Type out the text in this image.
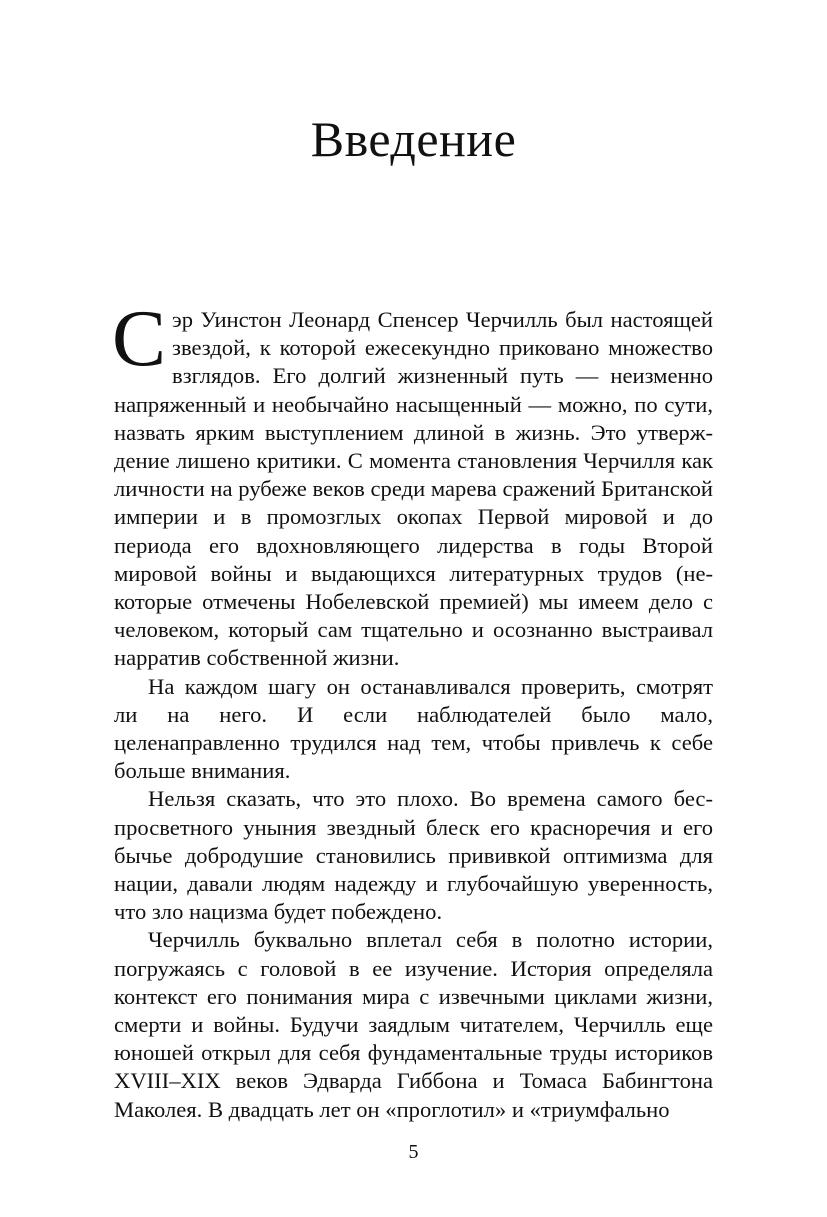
Введение

Сэр Уинстон Леонард Спенсер Черчилль был настоящей звездой, к которой ежесекундно приковано множество взглядов. Его долгий жизненный путь — неизменно напряженный и необычайно насыщенный — можно, по сути, назвать ярким выступлением длиной в жизнь. Это утверждение лишено критики. С момента становления Черчилля как личности на рубеже веков среди марева сражений Британской империи и в промозглых окопах Первой мировой и до периода его вдохновляющего лидерства в годы Второй мировой войны и выдающихся литературных трудов (некоторые отмечены Нобелевской премией) мы имеем дело с человеком, который сам тщательно и осознанно выстраивал нарратив собственной жизни.

На каждом шагу он останавливался проверить, смотрят ли на него. И если наблюдателей было мало, целенаправленно трудился над тем, чтобы привлечь к себе больше внимания.

Нельзя сказать, что это плохо. Во времена самого беспросветного уныния звездный блеск его красноречия и его бычье добродушие становились прививкой оптимизма для нации, давали людям надежду и глубочайшую уверенность, что зло нацизма будет побеждено.

Черчилль буквально вплетал себя в полотно истории, погружаясь с головой в ее изучение. История определяла контекст его понимания мира с извечными циклами жизни, смерти и войны. Будучи заядлым читателем, Черчилль еще юношей открыл для себя фундаментальные труды историков XVIII–XIX веков Эдварда Гиббона и Томаса Бабингтона Маколея. В двадцать лет он «проглотил» и «триумфально

5
